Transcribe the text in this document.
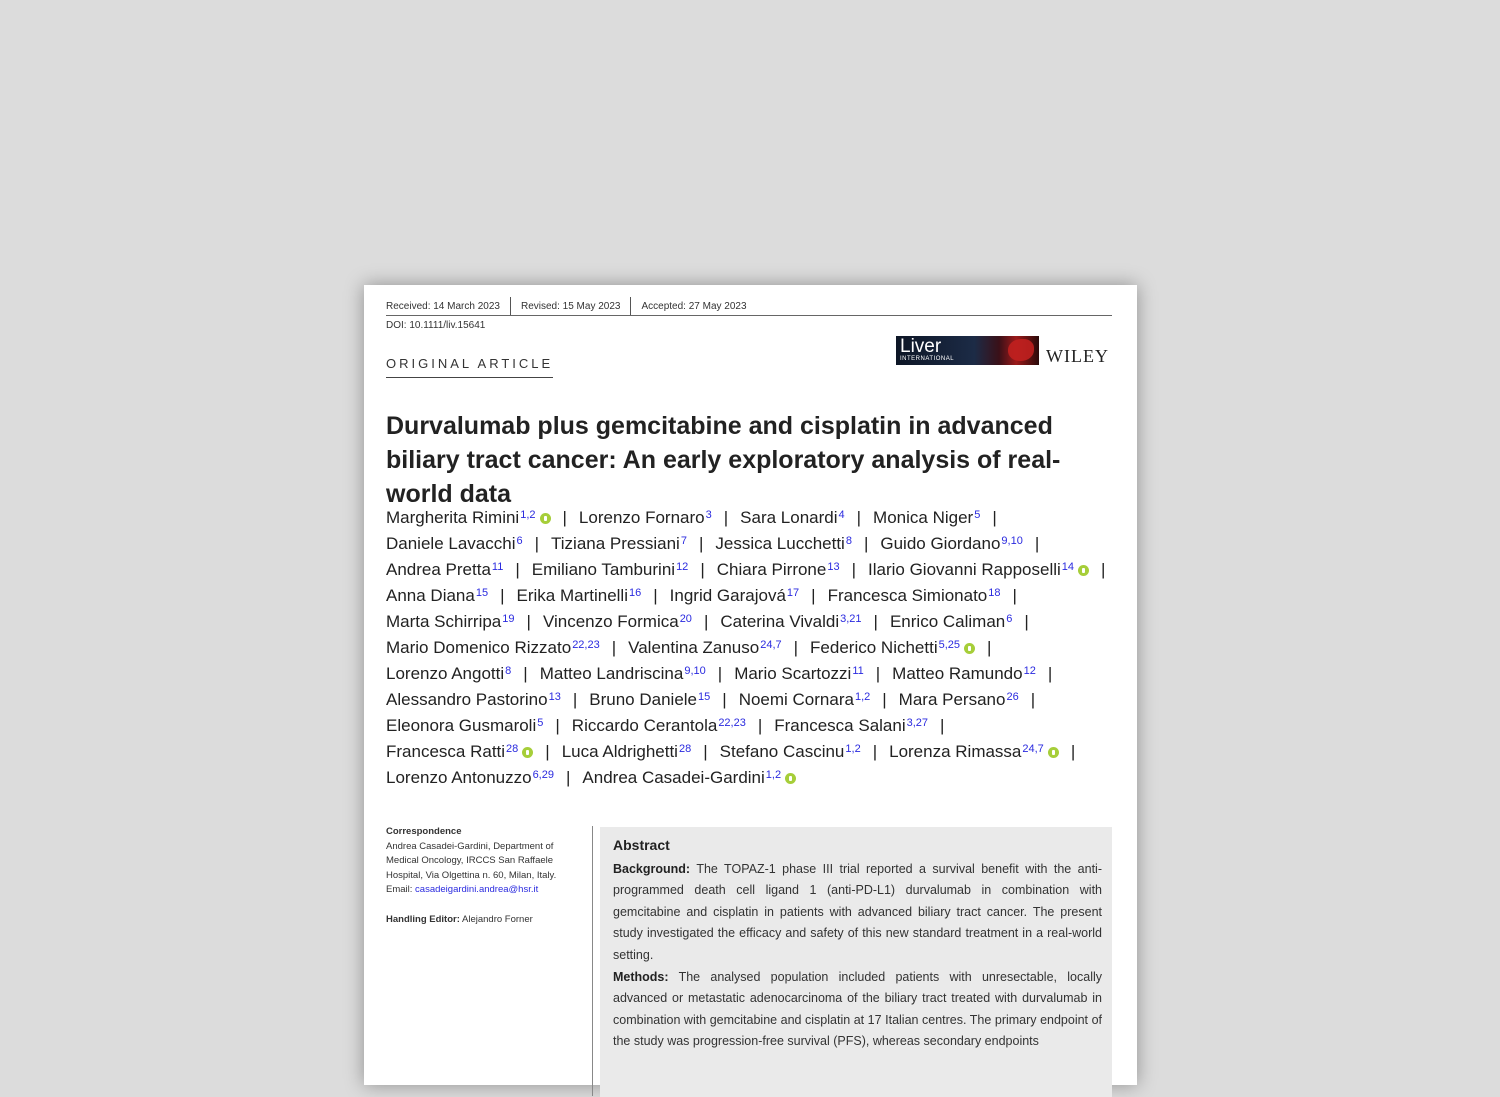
Received: 14 March 2023 Revised: 15 May 2023 Accepted: 27 May 2023
DOI: 10.1111/liv.15641
ORIGINAL ARTICLE
Liver
INTERNATIONAL	WILEY
Durvalumab plus gemcitabine and cisplatin in advanced biliary tract cancer: An early exploratory analysis of real-world data
Margherita Rimini$^{1,2}$ | Lorenzo Fornaro$^3$ | Sara Lonardi$^4$ | Monica Niger$^5$ |
Daniele Lavacchi$^6$ | Tiziana Pressiani$^7$ | Jessica Lucchetti$^8$ | Guido Giordano$^{9,10}$ |
Andrea Pretta$^{11}$ | Emiliano Tamburini$^{12}$ | Chiara Pirrone$^{13}$ | Ilario Giovanni Rapposelli$^{14}$ |
Anna Diana$^{15}$ | Erika Martinelli$^{16}$ | Ingrid Garajová$^{17}$ | Francesca Simionato$^{18}$ |
Marta Schirripa$^{19}$ | Vincenzo Formica$^{20}$ | Caterina Vivaldi$^{3,21}$ | Enrico Caliman$^6$ |
Mario Domenico Rizzato$^{22,23}$ | Valentina Zanuso$^{24,7}$ | Federico Nichetti$^{5,25}$ |
Lorenzo Angotti$^8$ | Matteo Landriscina$^{9,10}$ | Mario Scartozzi$^{11}$ | Matteo Ramundo$^{12}$ |
Alessandro Pastorino$^{13}$ | Bruno Daniele$^{15}$ | Noemi Cornara$^{1,2}$ | Mara Persano$^{26}$ |
Eleonora Gusmaroli$^5$ | Riccardo Cerantola$^{22,23}$ | Francesca Salani$^{3,27}$ |
Francesca Ratti$^{28}$ | Luca Aldrighetti$^{28}$ | Stefano Cascinu$^{1,2}$ | Lorenza Rimassa$^{24,7}$ |
Lorenzo Antonuzzo$^{6,29}$ | Andrea Casadei-Gardini$^{1,2}$
Correspondence
Andrea Casadei-Gardini, Department of Medical Oncology, IRCCS San Raffaele Hospital, Via Olgettina n. 60, Milan, Italy.
Email: casadeigardini.andrea@hsr.it
Handling Editor: Alejandro Forner
Abstract

Background: The TOPAZ-1 phase III trial reported a survival benefit with the anti-programmed death cell ligand 1 (anti-PD-L1) durvalumab in combination with gemcitabine and cisplatin in patients with advanced biliary tract cancer. The present study investigated the efficacy and safety of this new standard treatment in a real-world setting.

Methods: The analysed population included patients with unresectable, locally advanced or metastatic adenocarcinoma of the biliary tract treated with durvalumab in combination with gemcitabine and cisplatin at 17 Italian centres. The primary endpoint of the study was progression-free survival (PFS), whereas secondary endpoints
